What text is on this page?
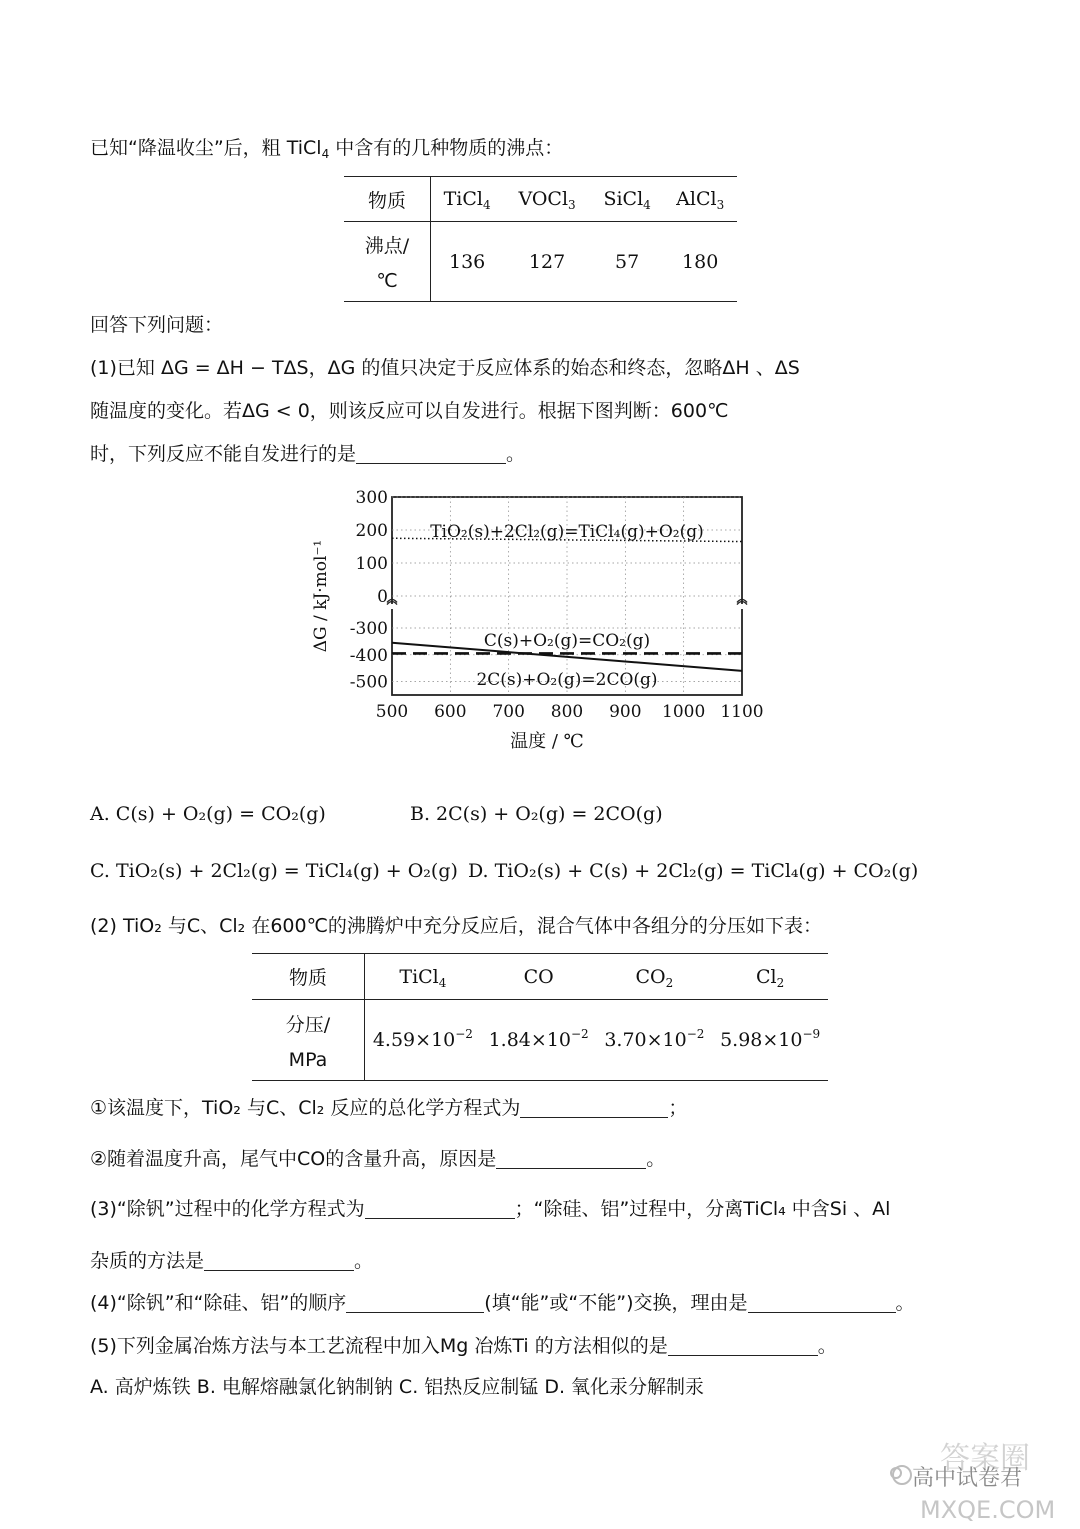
已知“降温收尘”后，粗 TiCl$_4$ 中含有的几种物质的沸点：
物质	TiCl$_4$	VOCl$_3$	SiCl$_4$	AlCl$_3$
沸点/
℃	136	127	57	180
回答下列问题：
(1)已知 ΔG = ΔH − TΔS，ΔG 的值只决定于反应体系的始态和终态，忽略ΔH 、ΔS
随温度的变化。若ΔG < 0，则该反应可以自发进行。根据下图判断：600℃
时，下列反应不能自发进行的是	。
500 600 700 800 900 1000 1100
300
200
100
0
-300
-400
-500
温度 / ℃
ΔG / kJ·mol⁻¹
TiO₂(s)+2Cl₂(g)=TiCl₄(g)+O₂(g)
C(s)+O₂(g)=CO₂(g)
2C(s)+O₂(g)=2CO(g)
A. C(s) + O₂(g) = CO₂(g)	B. 2C(s) + O₂(g) = 2CO(g)
C. TiO₂(s) + 2Cl₂(g) = TiCl₄(g) + O₂(g) D. TiO₂(s) + C(s) + 2Cl₂(g) = TiCl₄(g) + CO₂(g)
(2) TiO₂ 与C、Cl₂ 在600℃的沸腾炉中充分反应后，混合气体中各组分的分压如下表：
物质	TiCl$_4$	CO	$CO_2$	$Cl_2$
分压/
MPa	$4.59\times 10^{-2}$	$1.84\times 10^{-2}$	$3.70\times 10^{-2}$	$5.98\times 10^{-9}$
①该温度下，TiO₂ 与C、Cl₂ 反应的总化学方程式为	；
②随着温度升高，尾气中CO的含量升高，原因是	。
(3)“除钒”过程中的化学方程式为	；“除硅、铝”过程中，分离TiCl₄ 中含Si 、Al
杂质的方法是	。
(4)“除钒”和“除硅、铝”的顺序	(填“能”或“不能”)交换，理由是	。
(5)下列金属冶炼方法与本工艺流程中加入Mg 冶炼Ti 的方法相似的是	。
A. 高炉炼铁 B. 电解熔融氯化钠制钠 C. 铝热反应制锰 D. 氧化汞分解制汞
答案圈
高中试卷君
MXQE.COM
